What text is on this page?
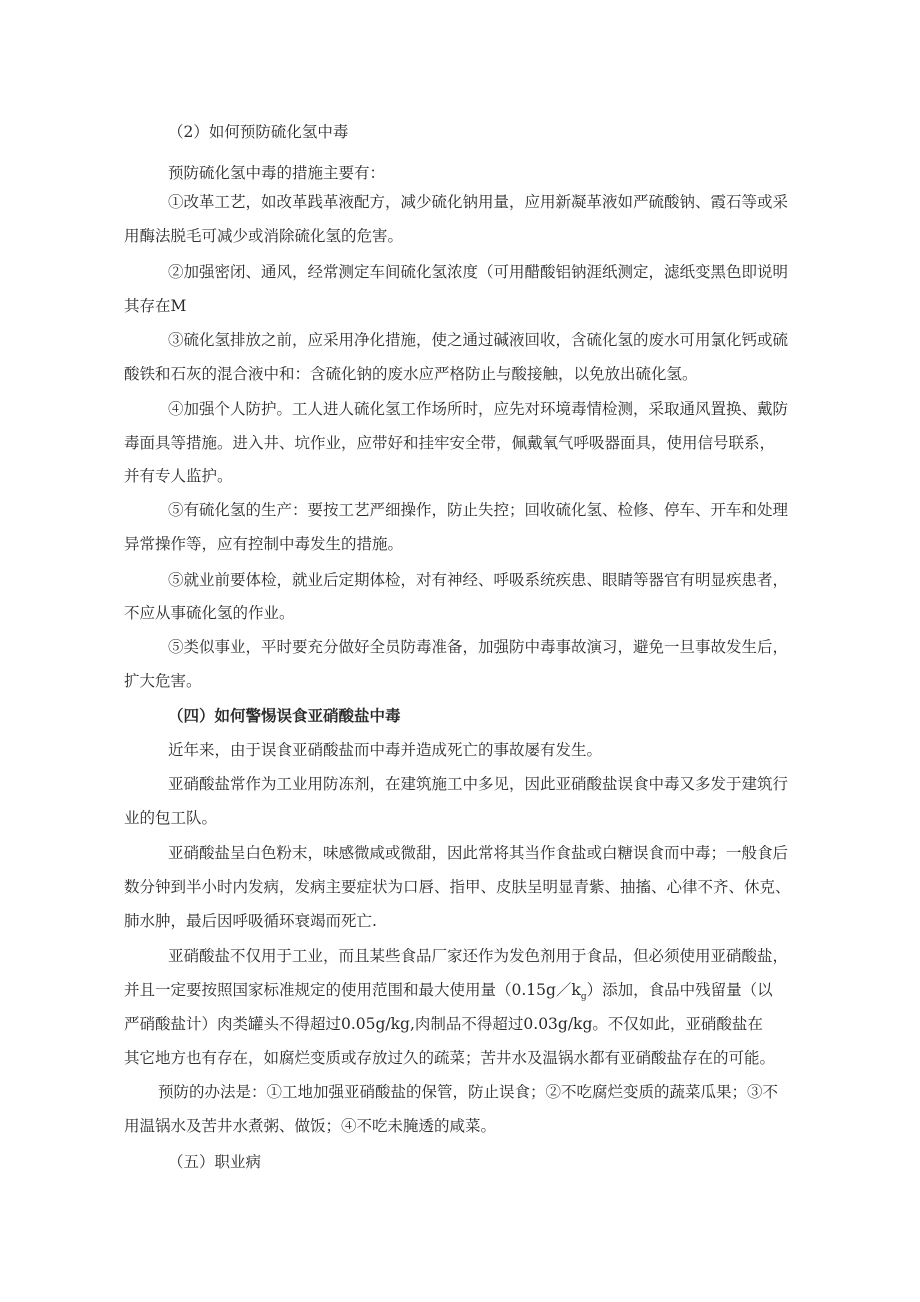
（2）如何预防硫化氢中毒
预防硫化氢中毒的措施主要有：
①改革工艺，如改革践革液配方，减少硫化钠用量，应用新凝革液如严硫酸钠、霞石等或采
用酶法脱毛可减少或消除硫化氢的危害。
②加强密闭、通风，经常测定车间硫化氢浓度（可用醋酸铝钠涯纸测定，滤纸变黑色即说明
其存在M
③硫化氢排放之前，应采用净化措施，使之通过碱液回收，含硫化氢的废水可用氯化钙或硫
酸铁和石灰的混合液中和：含硫化钠的废水应严格防止与酸接触，以免放出硫化氢。
④加强个人防护。工人进人硫化氢工作场所时，应先对环境毒情检测，采取通风置换、戴防
毒面具等措施。进入井、坑作业，应带好和挂牢安全带，佩戴氧气呼吸器面具，使用信号联系，
并有专人监护。
⑤有硫化氢的生产：要按工艺严细操作，防止失控；回收硫化氢、检修、停车、开车和处理
异常操作等，应有控制中毒发生的措施。
⑤就业前要体检，就业后定期体检，对有神经、呼吸系统疾患、眼睛等器官有明显疾患者，
不应从事硫化氢的作业。
⑤类似事业，平时要充分做好全员防毒准备，加强防中毒事故演习，避免一旦事故发生后，
扩大危害。
（四）如何警惕误食亚硝酸盐中毒
近年来，由于误食亚硝酸盐而中毒并造成死亡的事故屡有发生。
亚硝酸盐常作为工业用防冻剂，在建筑施工中多见，因此亚硝酸盐误食中毒又多发于建筑行
业的包工队。
亚硝酸盐呈白色粉末，味感微咸或微甜，因此常将其当作食盐或白糖误食而中毒；一般食后
数分钟到半小时内发病，发病主要症状为口唇、指甲、皮肤呈明显青紫、抽搐、心律不齐、休克、
肺水肿，最后因呼吸循环衰竭而死亡.
亚硝酸盐不仅用于工业，而且某些食品厂家还作为发色剂用于食品，但必须使用亚硝酸盐，
并且一定要按照国家标准规定的使用范围和最大使用量$(0.15g/k_g)$添加，食品中残留量（以
严硝酸盐计）肉类罐头不得超过0.05g/kg,肉制品不得超过0.03g/kg。不仅如此，亚硝酸盐在
其它地方也有存在，如腐烂变质或存放过久的疏菜；苦井水及温锅水都有亚硝酸盐存在的可能。
预防的办法是：①工地加强亚硝酸盐的保管，防止误食；②不吃腐烂变质的蔬菜瓜果；③不
用温锅水及苦井水煮粥、做饭；④不吃未腌透的咸菜。
（五）职业病
